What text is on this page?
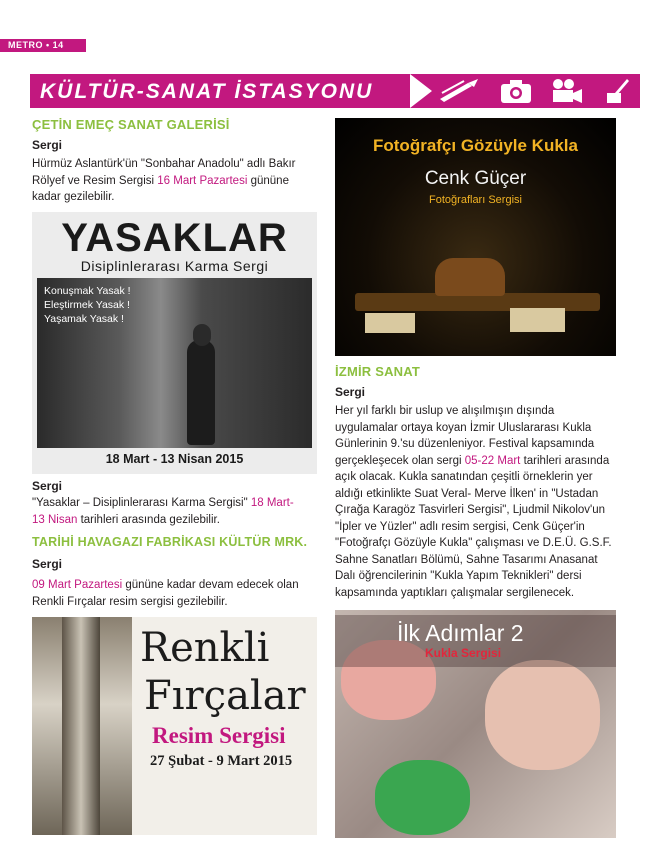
METRO • 14
KÜLTÜR-SANAT İSTASYONU
ÇETİN EMEÇ SANAT GALERİSİ
Sergi
Hürmüz Aslantürk'ün "Sonbahar Anadolu" adlı Bakır
Rölyef ve Resim Sergisi 16 Mart Pazartesi gününe
kadar gezilebilir.
YASAKLAR
Disiplinlerarası Karma Sergi
Konuşmak Yasak !
Eleştirmek Yasak !
Yaşamak Yasak !
18 Mart - 13 Nisan 2015
Sergi
"Yasaklar – Disiplinlerarası Karma Sergisi" 18 Mart-
13 Nisan tarihleri arasında gezilebilir.
TARİHİ HAVAGAZI FABRİKASI KÜLTÜR MRK.
Sergi
09 Mart Pazartesi gününe kadar devam edecek olan
Renkli Fırçalar resim sergisi gezilebilir.
Renkli
Fırçalar
Resim Sergisi
27 Şubat - 9 Mart 2015
Fotoğrafçı Gözüyle Kukla
Cenk Güçer
Fotoğrafları Sergisi
İZMİR SANAT
Sergi
Her yıl farklı bir uslup ve alışılmışın dışında
uygulamalar ortaya koyan İzmir Uluslararası Kukla
Günlerinin 9.'su düzenleniyor. Festival kapsamında
gerçekleşecek olan sergi 05-22 Mart tarihleri arasında
açık olacak. Kukla sanatından çeşitli örneklerin yer
aldığı etkinlikte Suat Veral- Merve İlken' in "Ustadan
Çırağa Karagöz Tasvirleri Sergisi", Ljudmil Nikolov'un
"İpler ve Yüzler" adlı resim sergisi, Cenk Güçer'in
"Fotoğrafçı Gözüyle Kukla" çalışması ve D.E.Ü. G.S.F.
Sahne Sanatları Bölümü, Sahne Tasarımı Anasanat
Dalı öğrencilerinin "Kukla Yapım Teknikleri" dersi
kapsamında yaptıkları çalışmalar sergilenecek.
İlk Adımlar 2
Kukla Sergisi
